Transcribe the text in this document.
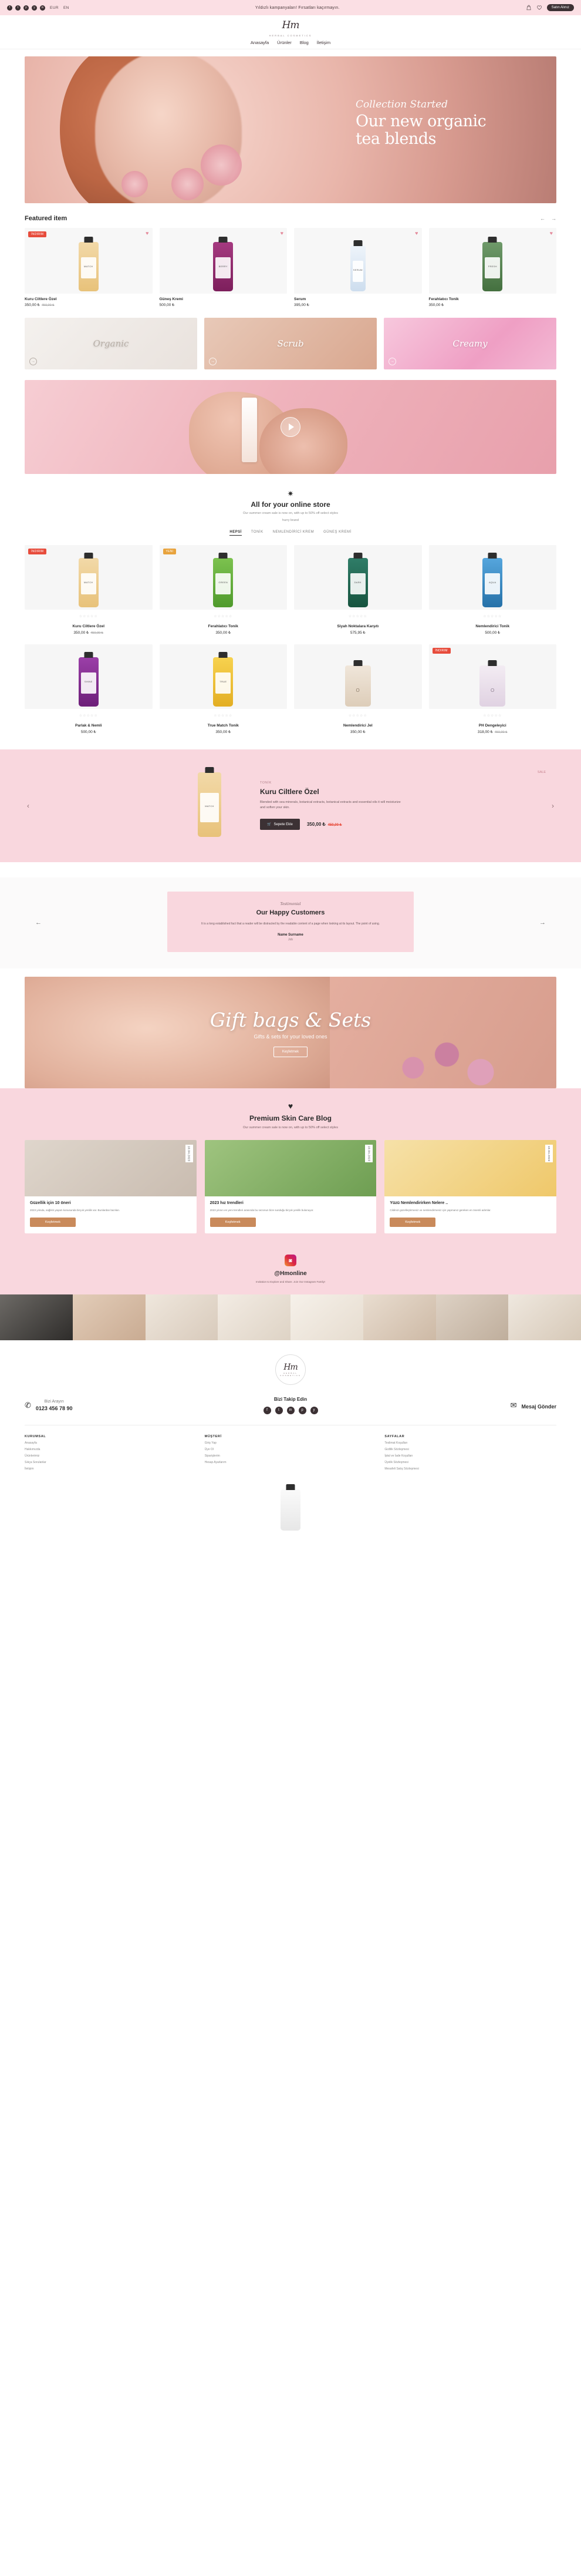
f	t	p	y	in	EUR EN	Yıldızlı kampanyaları! Fırsatları kaçırmayın.	Satın Alınız
Hm
HERBAL COSMETICS
Anasayfa Ürünler Blog İletişim
Collection Started
Our new organic
tea blends
Featured item	← →
İNDIRIM	♥
MATCH
Kuru Ciltlere Özel
350,00 ₺ 450,00 ₺
♥
BERRY
Güneş Kremi
500,00 ₺
♥
SERUM
Serum
395,00 ₺
♥
FRESH
Ferahlatıcı Tonik
350,00 ₺
Organic
→
Scrub
→
Creamy
→
✷
All for your online store
Our summer cream sale is now on, with up to 50% off select styles
hurry brand
HEPSİ	TONİK	NEMLENDİRİCİ KREM	GÜNEŞ KREMİ
İNDIRIM
MATCH
☆☆☆☆☆
Kuru Ciltlere Özel
350,00 ₺ 450,00 ₺
YENI
GREEN
☆☆☆☆☆
Ferahlatıcı Tonik
350,00 ₺
DARK
☆☆☆☆☆
Siyah Noktalara Karşıtı
575,95 ₺
AQUA
☆☆☆☆☆
Nemlendirici Tonik
500,00 ₺
SHINE
☆☆☆☆☆
Parlak & Nemli
500,00 ₺
TRUE
☆☆☆☆☆
True Match Tonik
350,00 ₺
O
☆☆☆☆☆
Nemlendirici Jel
350,00 ₺
İNDIRIM
O
☆☆☆☆☆
PH Dengeleyici
318,00 ₺ 450,00 ₺
‹	MATCH
TONİK
Kuru Ciltlere Özel
Blended with sea minerals, botanical extracts, botanical extracts and essential oils it will moisturize and soften your skin.
🛒 Sepete Ekle	350,00 ₺ 450,00 ₺
SALE
›
←
Testimonial
Our Happy Customers
It is a long established fact that a reader will be distracted by the readable content of a page when looking at its layout. The point of using.
Name Surname
Job
→
Gift bags & Sets
Gifts & sets for your loved ones
Keşfetmek
♥
Premium Skin Care Blog
Our summer cream sale is now on, with up to 50% off select styles
10.04.2023
Güzellik için 10 öneri
2023 yılında, sağlıklı yaşam konusunda birçok yenilik var. Bunlardan bazıları.
Keşfetmek
10.04.2023
2023 hız trendleri
2023 yılının en yeni trendleri arasında bu sezonun bize sunduğu birçok yenilik bulunuyor.
Keşfetmek
10.04.2023
Yüzü Nemlendirirken Nelere ..
Cildinizi güzelleştirmeniz ve nemlendirmeniz için yapmanız gereken en önemli adımlar.
Keşfetmek
◙
@Hmonline
Invitation to Explore and Share. Join Our Instagram Family!
Hm
HERBAL COSMETICS
✆	Bizi Arayın
0123 456 78 90
Bizi Takip Edin
f	t	in	p	y
✉ Mesaj Gönder
KURUMSAL
Anasayfa
Hakkımızda
Ürünlerimiz
Sıkça Sorulanlar
İletişim
MÜŞTERİ
Giriş Yap
Üye Ol
Siparişlerim
Hesap Ayarlarım
SAYFALAR
Teslimat Koşulları
Gizlilik Sözleşmesi
İptal ve İade Koşulları
Üyelik Sözleşmesi
Mesafeli Satış Sözleşmesi
